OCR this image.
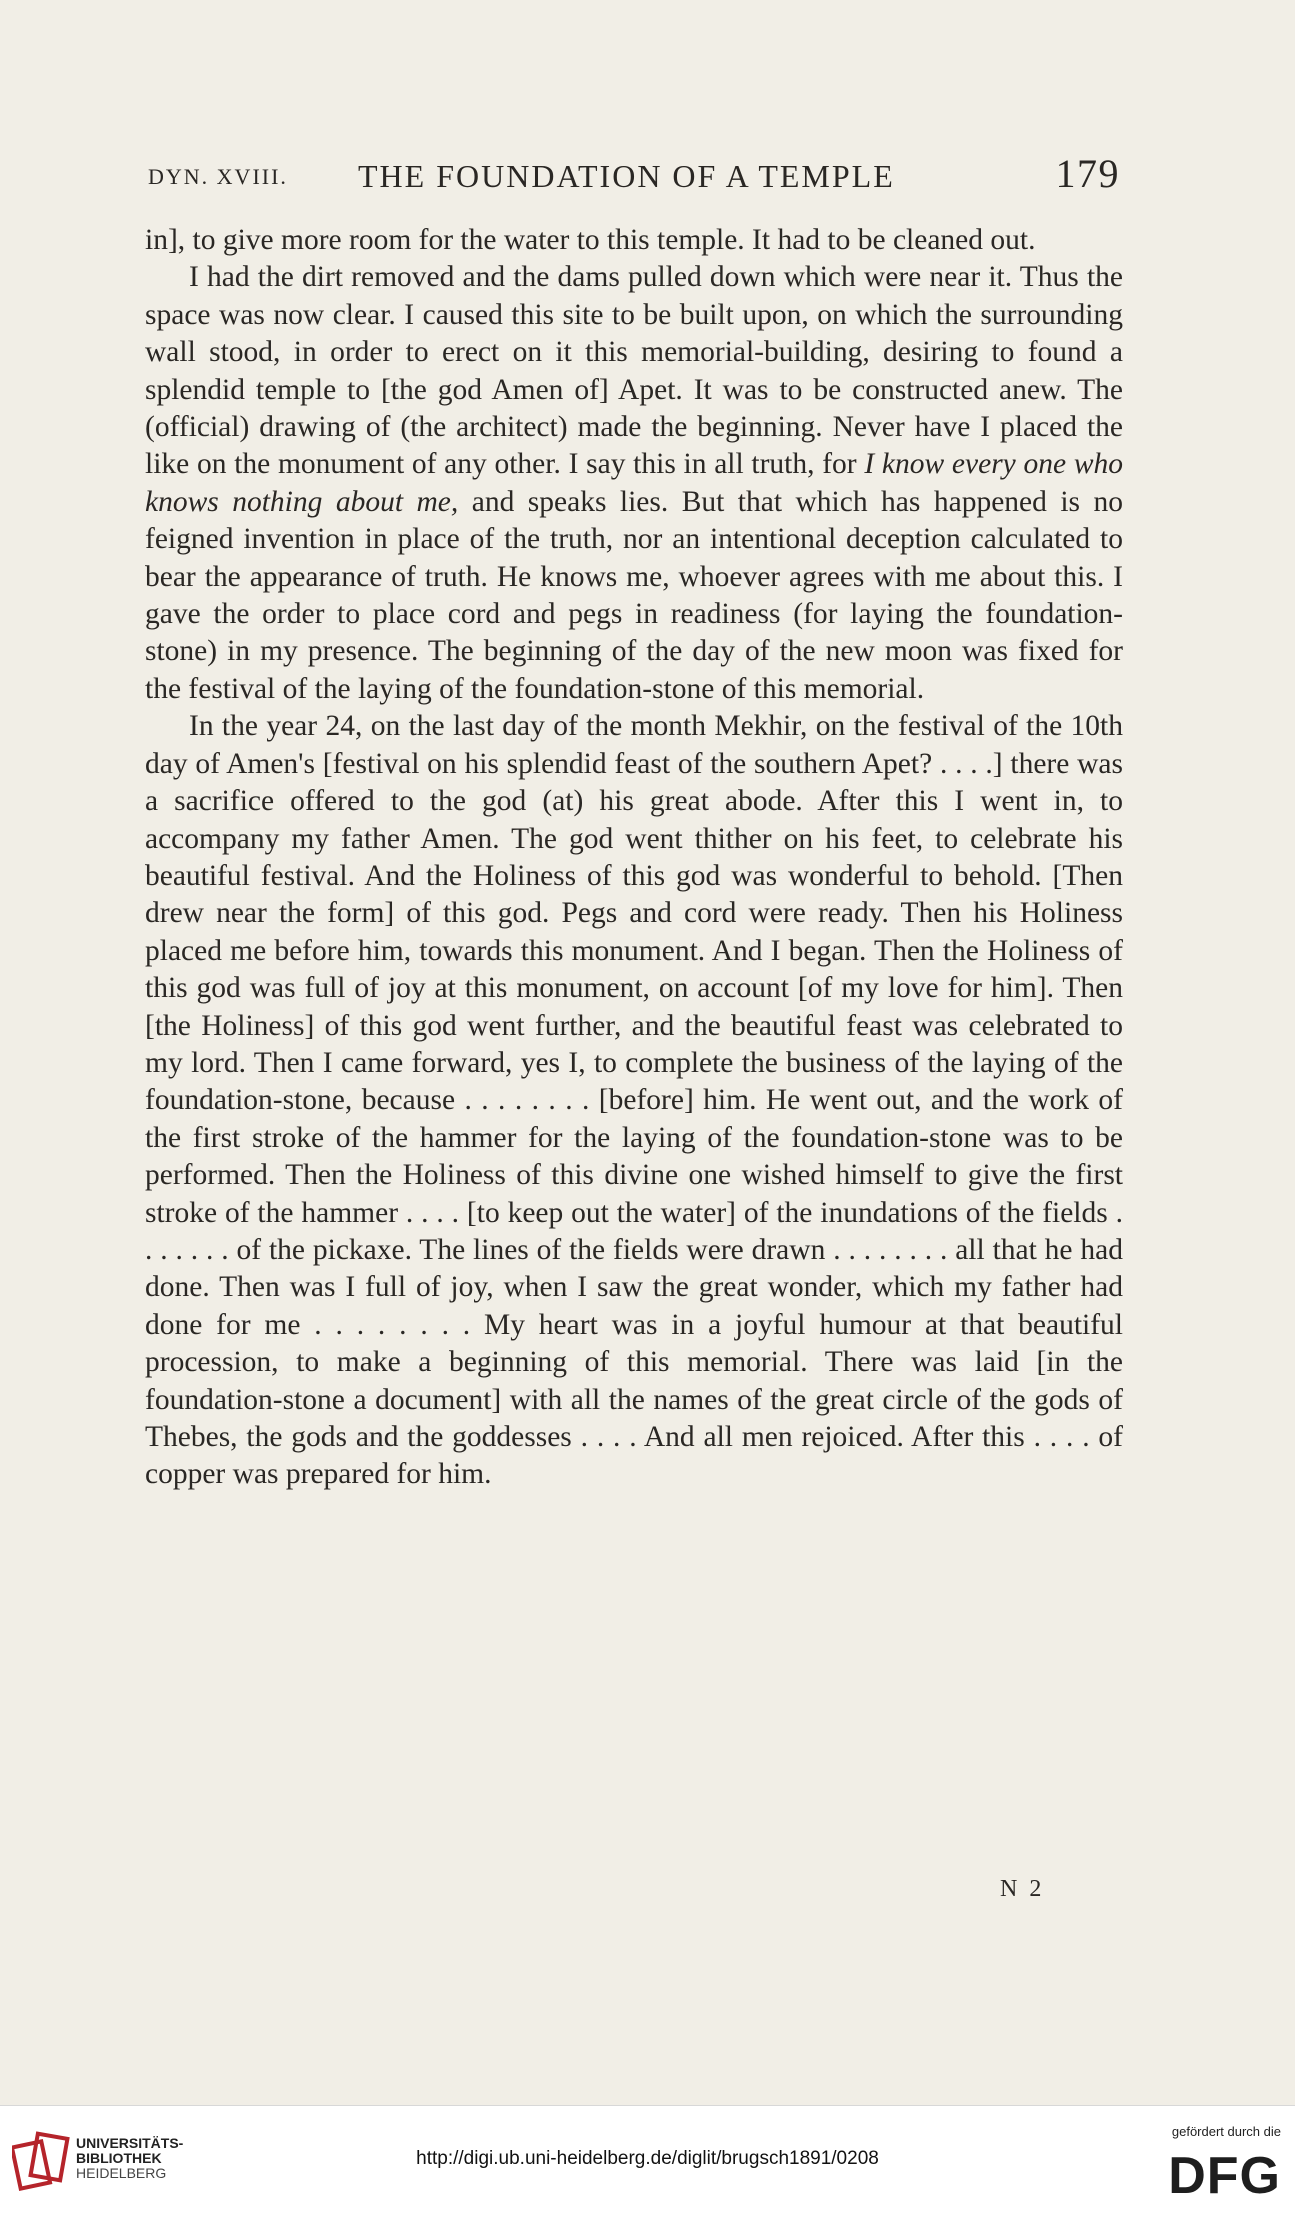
DYN. XVIII. THE FOUNDATION OF A TEMPLE	179

in], to give more room for the water to this temple. It had to be cleaned out.

I had the dirt removed and the dams pulled down which were near it. Thus the space was now clear. I caused this site to be built upon, on which the surrounding wall stood, in order to erect on it this memorial-building, desiring to found a splendid temple to [the god Amen of] Apet. It was to be constructed anew. The (official) drawing of (the architect) made the beginning. Never have I placed the like on the monument of any other. I say this in all truth, for I know every one who knows nothing about me, and speaks lies. But that which has happened is no feigned invention in place of the truth, nor an intentional deception calculated to bear the appearance of truth. He knows me, whoever agrees with me about this. I gave the order to place cord and pegs in readiness (for laying the foundation-stone) in my presence. The beginning of the day of the new moon was fixed for the festival of the laying of the foundation-stone of this memorial.

In the year 24, on the last day of the month Mekhir, on the festival of the 10th day of Amen's [festival on his splendid feast of the southern Apet? . . . .] there was a sacrifice offered to the god (at) his great abode. After this I went in, to accompany my father Amen. The god went thither on his feet, to celebrate his beautiful festival. And the Holiness of this god was wonderful to behold. [Then drew near the form] of this god. Pegs and cord were ready. Then his Holiness placed me before him, towards this monument. And I began. Then the Holiness of this god was full of joy at this monument, on account [of my love for him]. Then [the Holiness] of this god went further, and the beautiful feast was celebrated to my lord. Then I came forward, yes I, to complete the business of the laying of the foundation-stone, because . . . . . . . . [before] him. He went out, and the work of the first stroke of the hammer for the laying of the foundation-stone was to be performed. Then the Holiness of this divine one wished himself to give the first stroke of the hammer . . . . [to keep out the water] of the inundations of the fields . . . . . . . of the pickaxe. The lines of the fields were drawn . . . . . . . . all that he had done. Then was I full of joy, when I saw the great wonder, which my father had done for me . . . . . . . . My heart was in a joyful humour at that beautiful procession, to make a beginning of this memorial. There was laid [in the foundation-stone a document] with all the names of the great circle of the gods of Thebes, the gods and the goddesses . . . . And all men rejoiced. After this . . . . of copper was prepared for him.

N 2
UNIVERSITÄTS-
BIBLIOTHEK
HEIDELBERG
http://digi.ub.uni-heidelberg.de/diglit/brugsch1891/0208
gefördert durch die
DFG
